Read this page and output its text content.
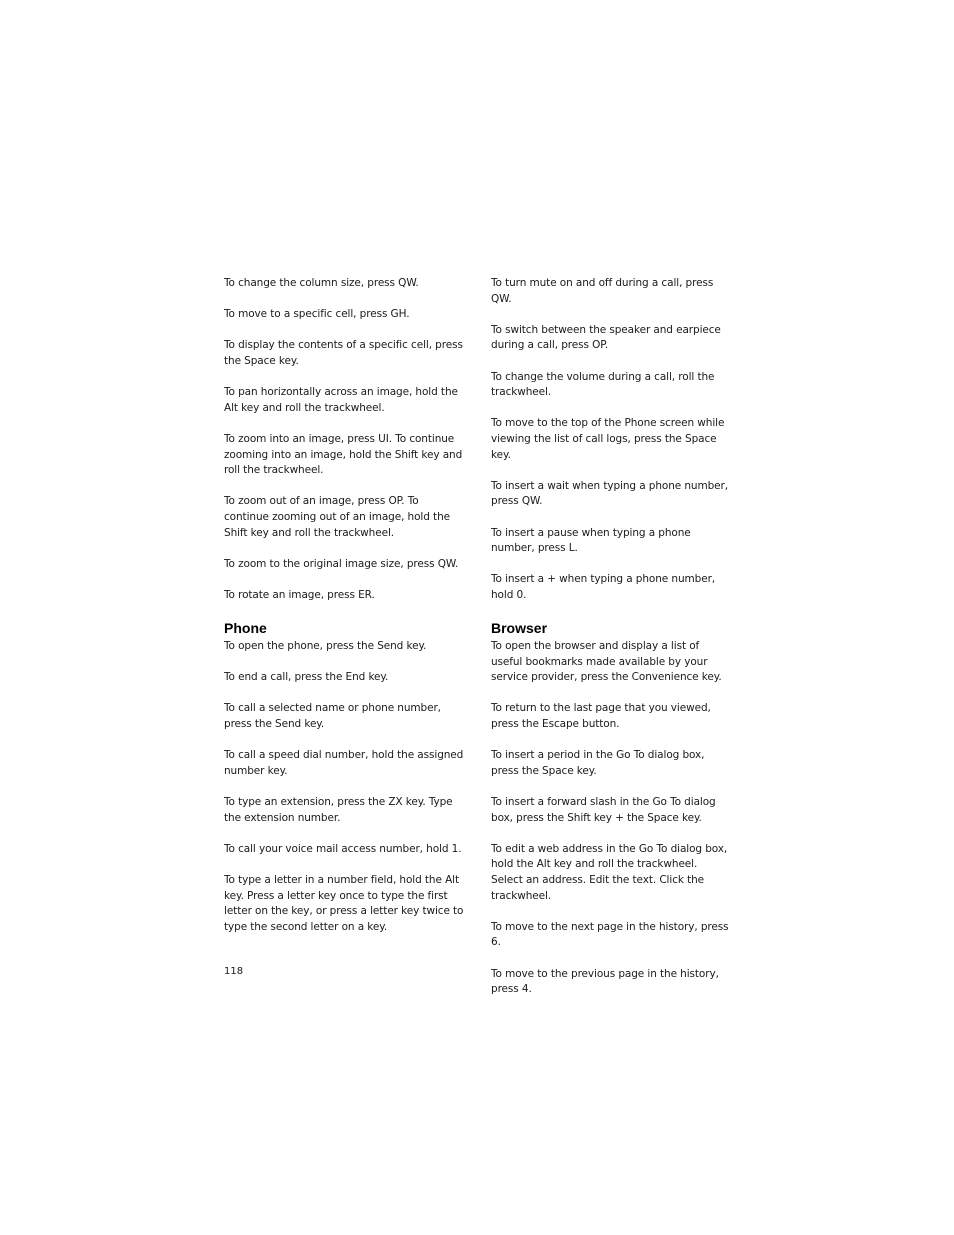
To change the column size, press QW.

To move to a specific cell, press GH.

To display the contents of a specific cell, press the Space key.

To pan horizontally across an image, hold the Alt key and roll the trackwheel.

To zoom into an image, press UI. To continue zooming into an image, hold the Shift key and roll the trackwheel.

To zoom out of an image, press OP. To continue zooming out of an image, hold the Shift key and roll the trackwheel.

To zoom to the original image size, press QW.

To rotate an image, press ER.

Phone

To open the phone, press the Send key.

To end a call, press the End key.

To call a selected name or phone number, press the Send key.

To call a speed dial number, hold the assigned number key.

To type an extension, press the ZX key. Type the extension number.

To call your voice mail access number, hold 1.

To type a letter in a number field, hold the Alt key. Press a letter key once to type the first letter on the key, or press a letter key twice to type the second letter on a key.

To turn mute on and off during a call, press QW.

To switch between the speaker and earpiece during a call, press OP.

To change the volume during a call, roll the trackwheel.

To move to the top of the Phone screen while viewing the list of call logs, press the Space key.

To insert a wait when typing a phone number, press QW.

To insert a pause when typing a phone number, press L.

To insert a + when typing a phone number, hold 0.

Browser

To open the browser and display a list of useful bookmarks made available by your service provider, press the Convenience key.

To return to the last page that you viewed, press the Escape button.

To insert a period in the Go To dialog box, press the Space key.

To insert a forward slash in the Go To dialog box, press the Shift key + the Space key.

To edit a web address in the Go To dialog box, hold the Alt key and roll the trackwheel. Select an address. Edit the text. Click the trackwheel.

To move to the next page in the history, press 6.

To move to the previous page in the history, press 4.

118
